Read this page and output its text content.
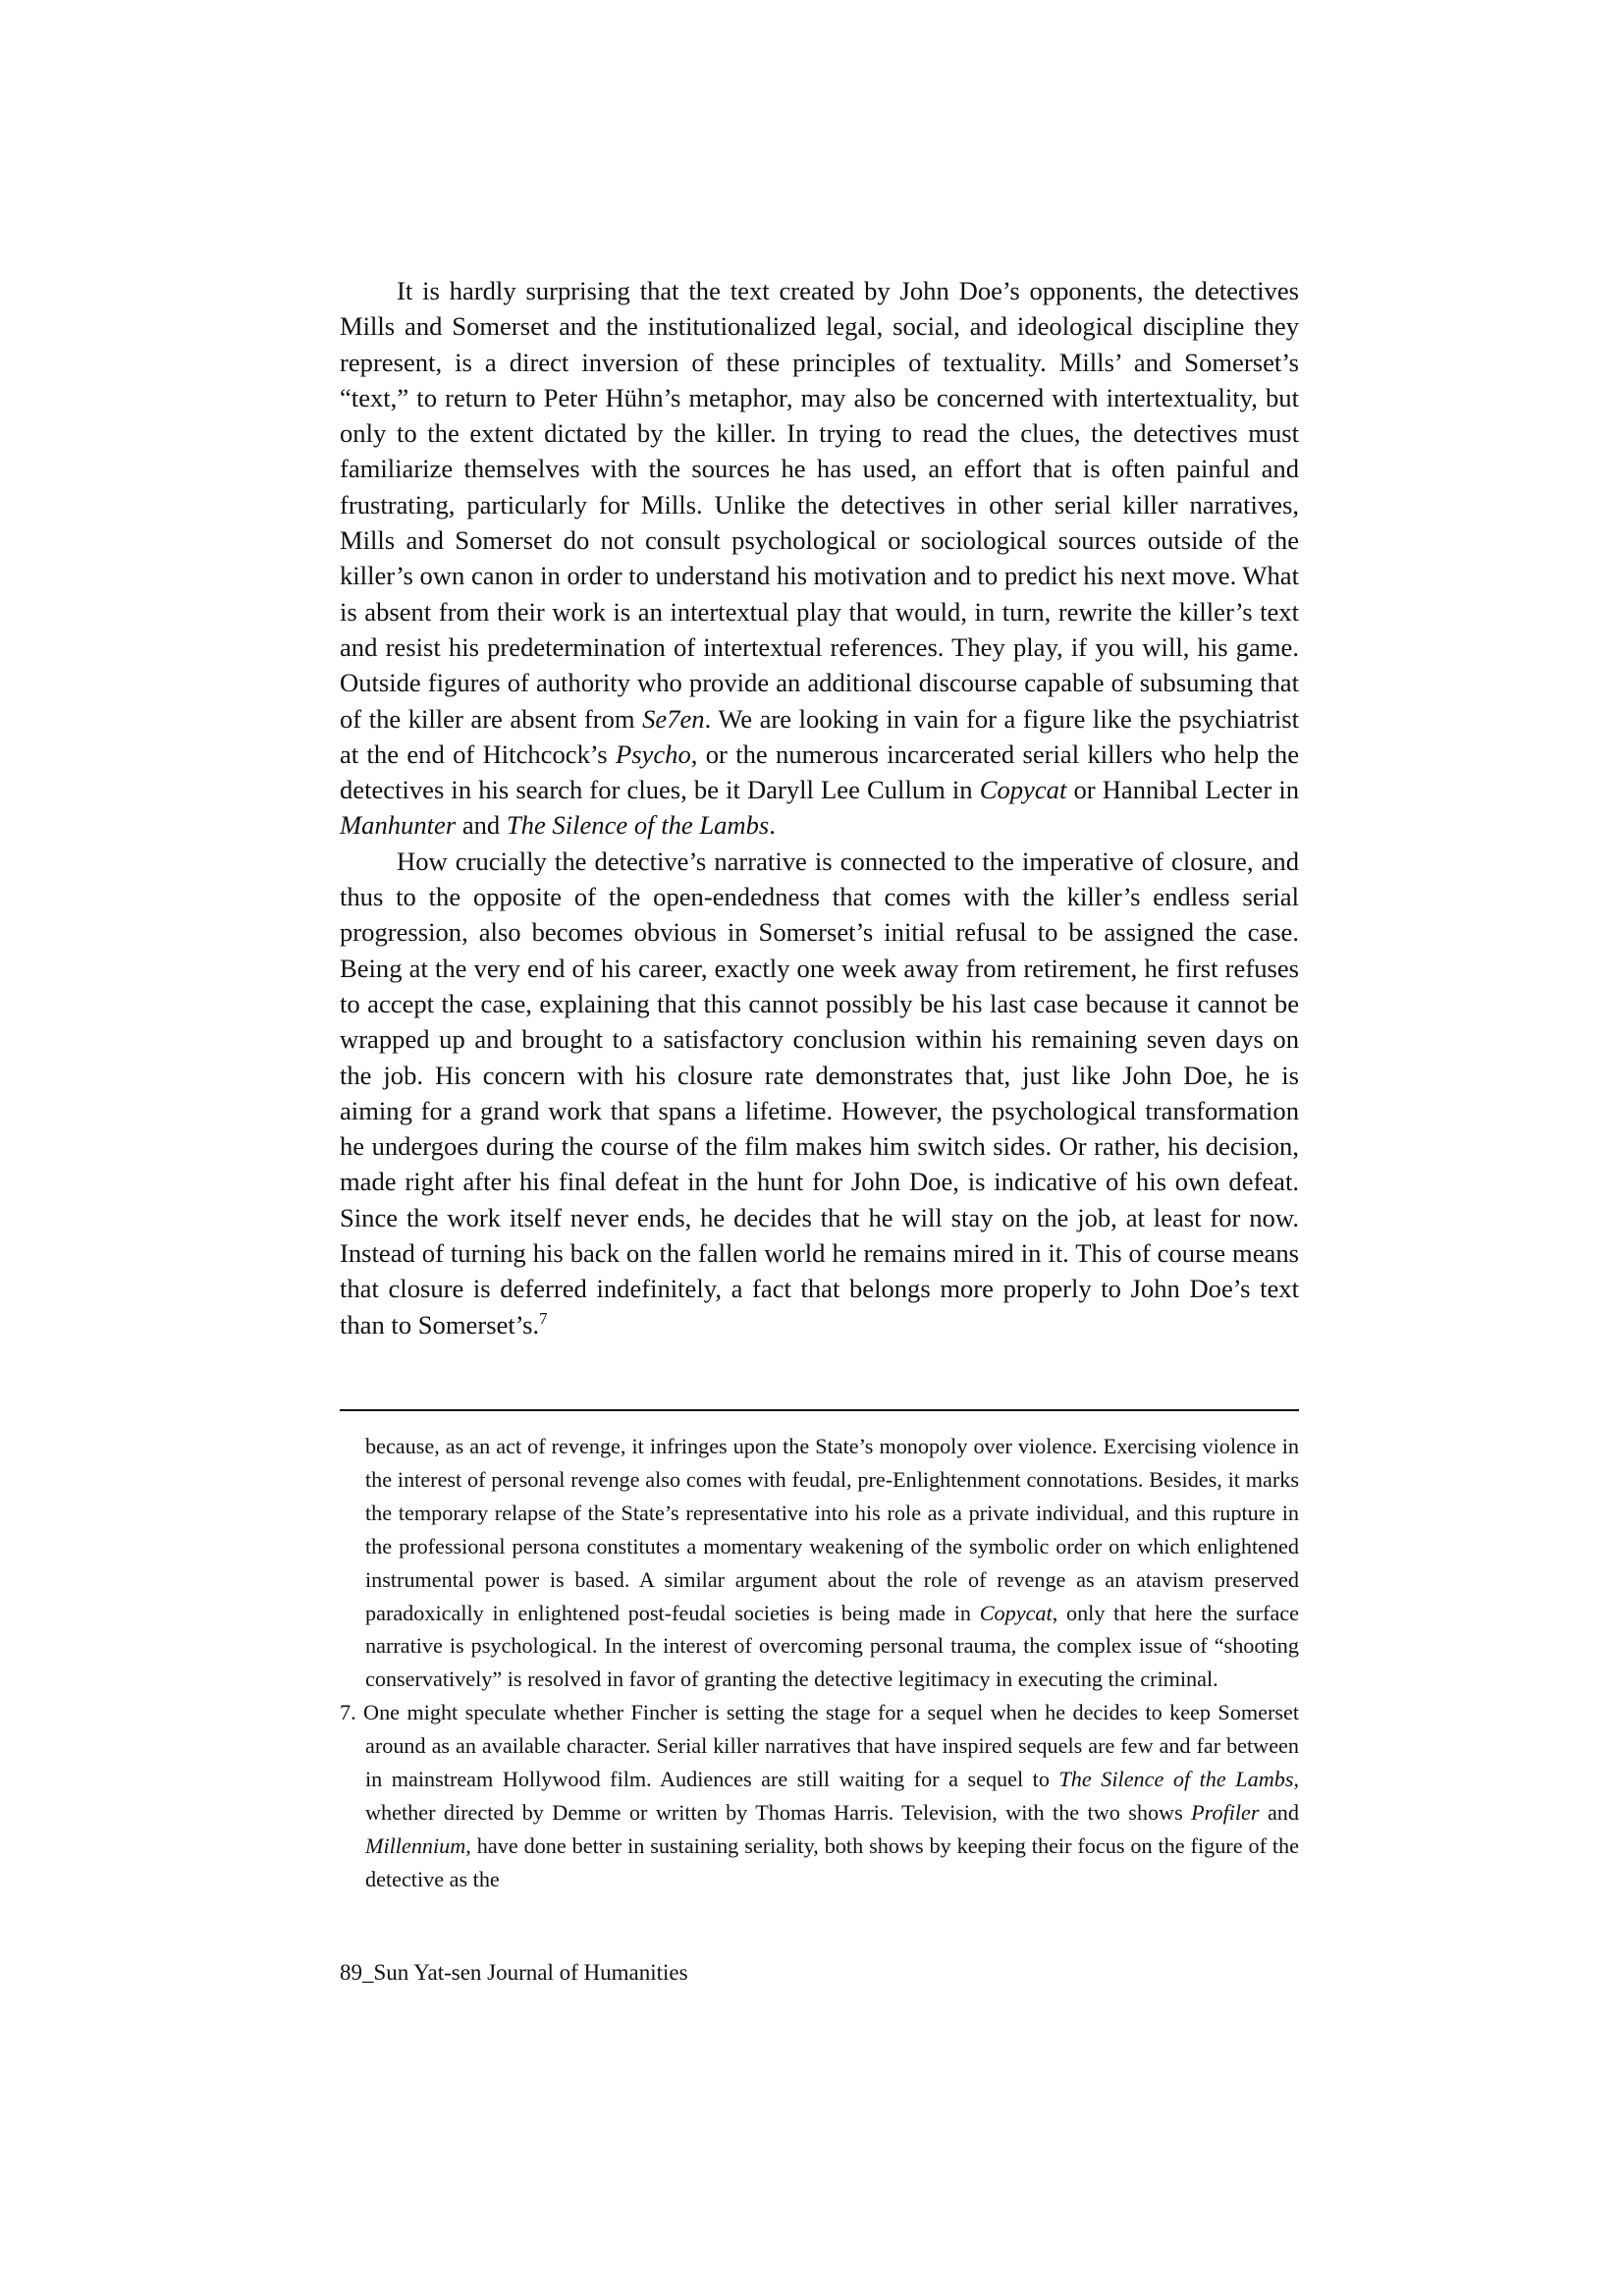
It is hardly surprising that the text created by John Doe’s opponents, the detectives Mills and Somerset and the institutionalized legal, social, and ideological discipline they represent, is a direct inversion of these principles of textuality. Mills’ and Somerset’s “text,” to return to Peter Hühn’s metaphor, may also be concerned with intertextuality, but only to the extent dictated by the killer. In trying to read the clues, the detectives must familiarize themselves with the sources he has used, an effort that is often painful and frustrating, particularly for Mills. Unlike the detectives in other serial killer narratives, Mills and Somerset do not consult psychological or sociological sources outside of the killer’s own canon in order to understand his motivation and to predict his next move. What is absent from their work is an intertextual play that would, in turn, rewrite the killer’s text and resist his predetermination of intertextual references. They play, if you will, his game. Outside figures of authority who provide an additional discourse capable of subsuming that of the killer are absent from Se7en. We are looking in vain for a figure like the psychiatrist at the end of Hitchcock’s Psycho, or the numerous incarcerated serial killers who help the detectives in his search for clues, be it Daryll Lee Cullum in Copycat or Hannibal Lecter in Manhunter and The Silence of the Lambs.

How crucially the detective’s narrative is connected to the imperative of closure, and thus to the opposite of the open-endedness that comes with the killer’s endless serial progression, also becomes obvious in Somerset’s initial refusal to be assigned the case. Being at the very end of his career, exactly one week away from retirement, he first refuses to accept the case, explaining that this cannot possibly be his last case because it cannot be wrapped up and brought to a satisfactory conclusion within his remaining seven days on the job. His concern with his closure rate demonstrates that, just like John Doe, he is aiming for a grand work that spans a lifetime. However, the psychological transformation he undergoes during the course of the film makes him switch sides. Or rather, his decision, made right after his final defeat in the hunt for John Doe, is indicative of his own defeat. Since the work itself never ends, he decides that he will stay on the job, at least for now. Instead of turning his back on the fallen world he remains mired in it. This of course means that closure is deferred indefinitely, a fact that belongs more properly to John Doe’s text than to Somerset’s.$^7$

because, as an act of revenge, it infringes upon the State’s monopoly over violence. Exercising violence in the interest of personal revenge also comes with feudal, pre-Enlightenment connotations. Besides, it marks the temporary relapse of the State’s representative into his role as a private individual, and this rupture in the professional persona constitutes a momentary weakening of the symbolic order on which enlightened instrumental power is based. A similar argument about the role of revenge as an atavism preserved paradoxically in enlightened post-feudal societies is being made in Copycat, only that here the surface narrative is psychological. In the interest of overcoming personal trauma, the complex issue of “shooting conservatively” is resolved in favor of granting the detective legitimacy in executing the criminal.

7. One might speculate whether Fincher is setting the stage for a sequel when he decides to keep Somerset around as an available character. Serial killer narratives that have inspired sequels are few and far between in mainstream Hollywood film. Audiences are still waiting for a sequel to The Silence of the Lambs, whether directed by Demme or written by Thomas Harris. Television, with the two shows Profiler and Millennium, have done better in sustaining seriality, both shows by keeping their focus on the figure of the detective as the

89_Sun Yat-sen Journal of Humanities
